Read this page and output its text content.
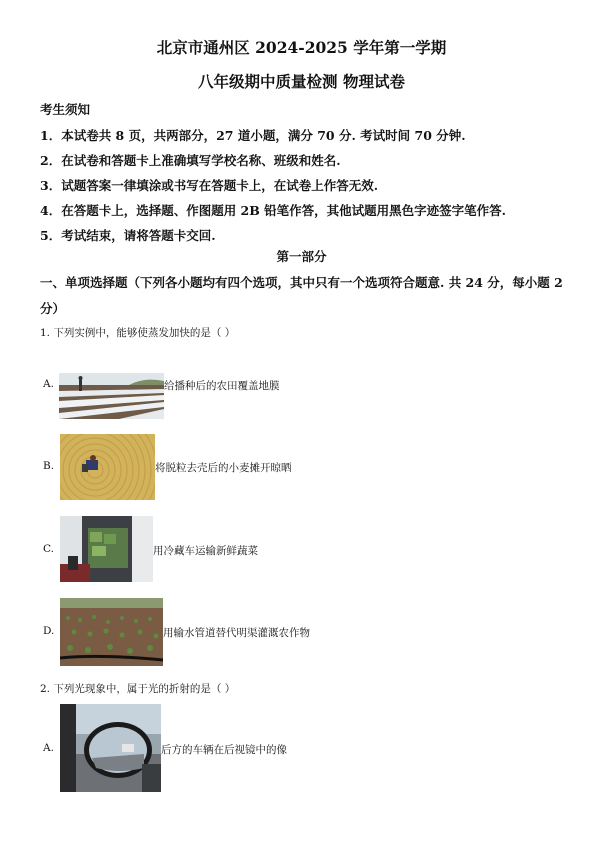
北京市通州区 2024-2025 学年第一学期
八年级期中质量检测 物理试卷
考生须知
1．本试卷共 8 页，共两部分，27 道小题，满分 70 分. 考试时间 70 分钟.
2．在试卷和答题卡上准确填写学校名称、班级和姓名.
3．试题答案一律填涂或书写在答题卡上，在试卷上作答无效.
4．在答题卡上，选择题、作图题用 2B 铅笔作答，其他试题用黑色字迹签字笔作答.
5．考试结束，请将答题卡交回.
第一部分
一、单项选择题（下列各小题均有四个选项，其中只有一个选项符合题意. 共 24 分，每小题 2
分）
1. 下列实例中，能够使蒸发加快的是（ ）
A.	给播种后的农田覆盖地膜
B.	将脱粒去壳后的小麦摊开晾晒
C.	用冷藏车运输新鲜蔬菜
D.	用输水管道替代明渠灌溉农作物
2. 下列光现象中，属于光的折射的是（ ）
A.	后方的车辆在后视镜中的像
